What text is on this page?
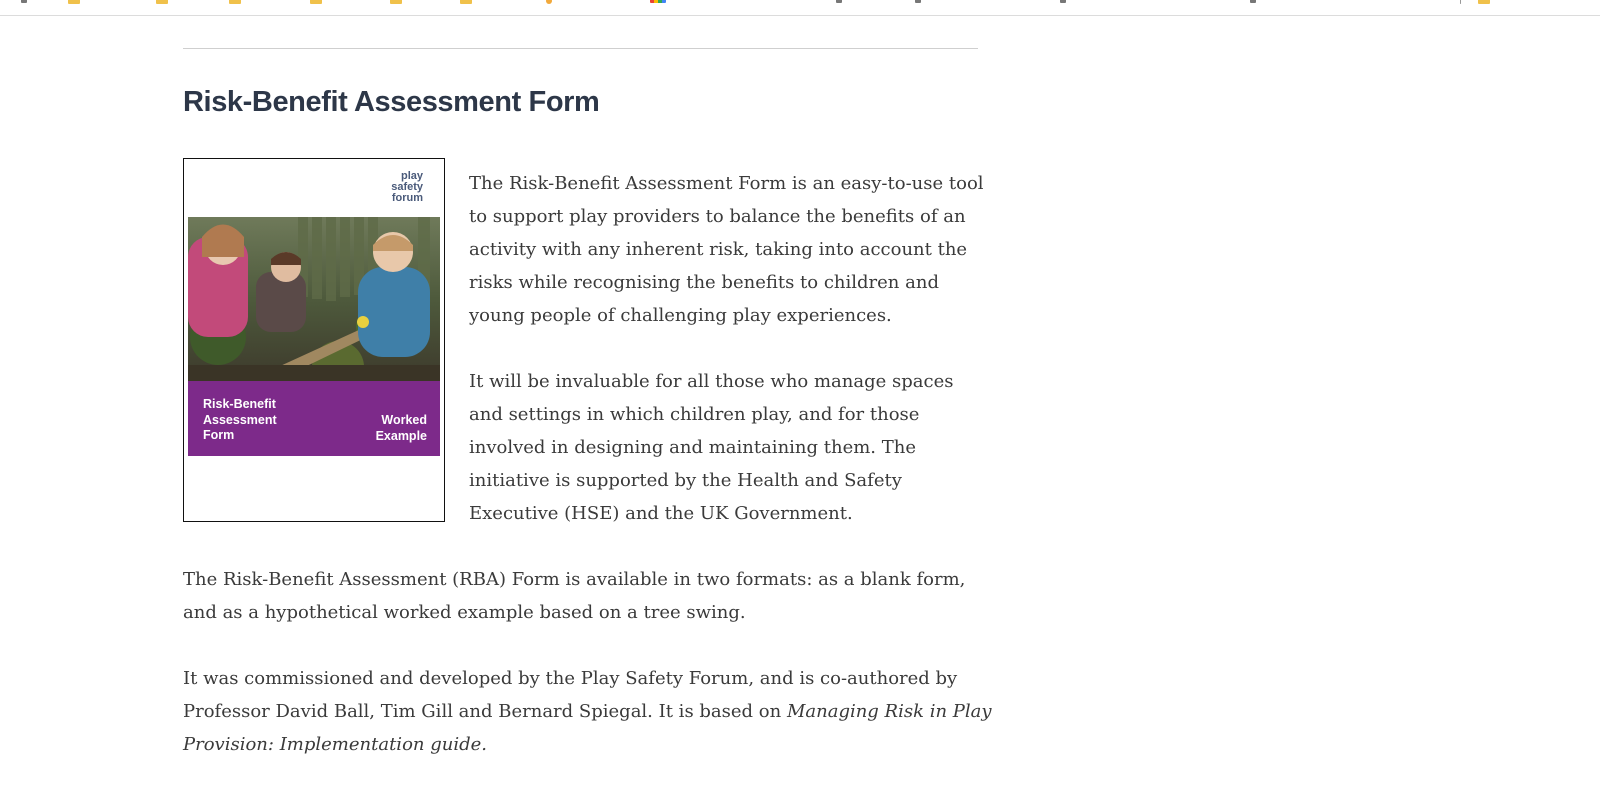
Risk-Benefit Assessment Form
play
safety
forum
Risk-Benefit
Assessment
Form
Worked
Example

The Risk-Benefit Assessment Form is an easy-to-use tool
to support play providers to balance the benefits of an
activity with any inherent risk, taking into account the
risks while recognising the benefits to children and
young people of challenging play experiences.

It will be invaluable for all those who manage spaces
and settings in which children play, and for those
involved in designing and maintaining them. The
initiative is supported by the Health and Safety
Executive (HSE) and the UK Government.

The Risk-Benefit Assessment (RBA) Form is available in two formats: as a blank form,
and as a hypothetical worked example based on a tree swing.

It was commissioned and developed by the Play Safety Forum, and is co-authored by
Professor David Ball, Tim Gill and Bernard Spiegal. It is based on Managing Risk in Play
Provision: Implementation guide.
